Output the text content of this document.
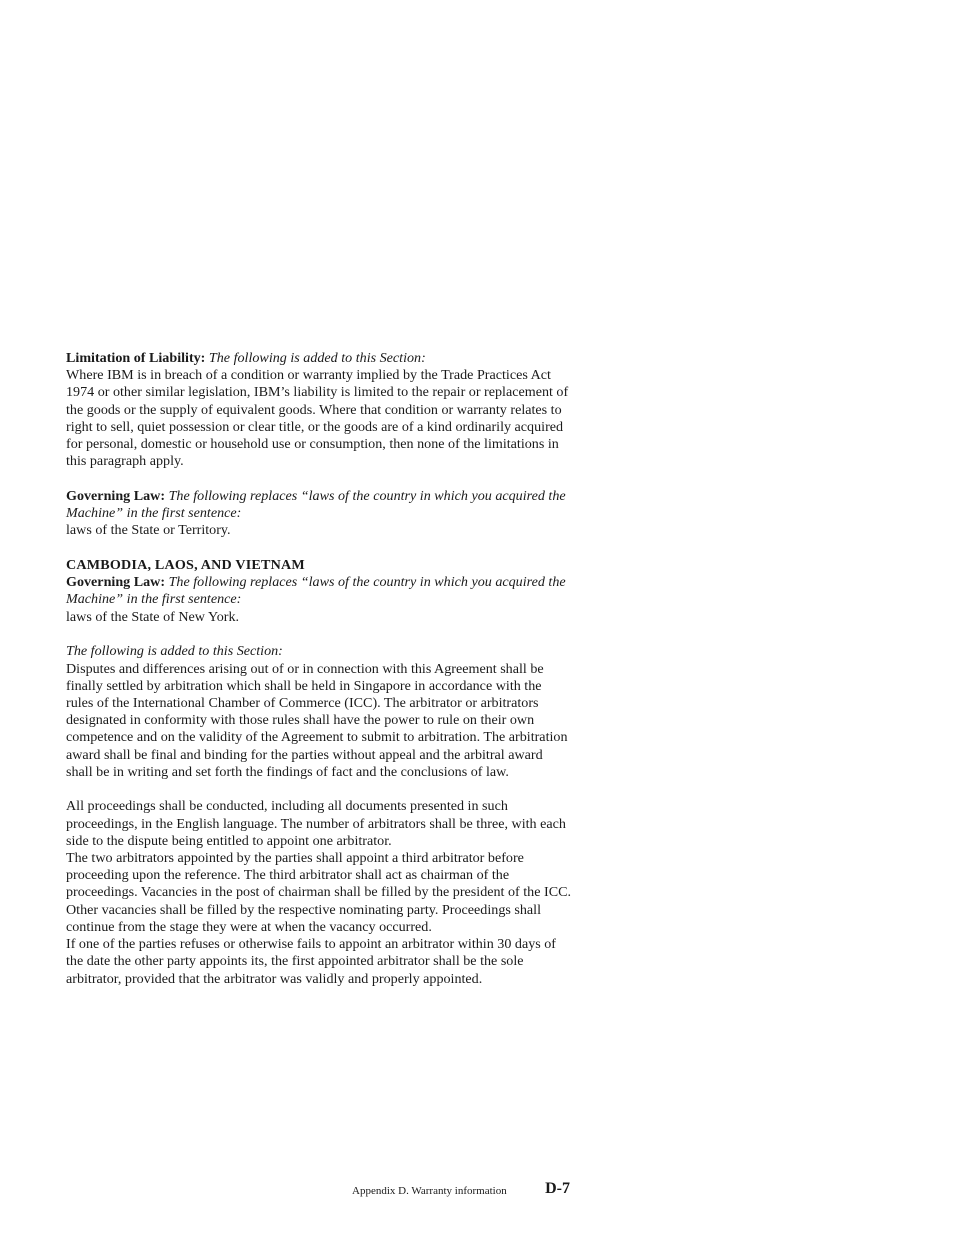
Limitation of Liability: The following is added to this Section:

Where IBM is in breach of a condition or warranty implied by the Trade Practices Act 1974 or other similar legislation, IBM’s liability is limited to the repair or replacement of the goods or the supply of equivalent goods. Where that condition or warranty relates to right to sell, quiet possession or clear title, or the goods are of a kind ordinarily acquired for personal, domestic or household use or consumption, then none of the limitations in this paragraph apply.

Governing Law: The following replaces “laws of the country in which you acquired the Machine” in the first sentence:

laws of the State or Territory.

CAMBODIA, LAOS, AND VIETNAM

Governing Law: The following replaces “laws of the country in which you acquired the Machine” in the first sentence:

laws of the State of New York.

The following is added to this Section:

Disputes and differences arising out of or in connection with this Agreement shall be finally settled by arbitration which shall be held in Singapore in accordance with the rules of the International Chamber of Commerce (ICC). The arbitrator or arbitrators designated in conformity with those rules shall have the power to rule on their own competence and on the validity of the Agreement to submit to arbitration. The arbitration award shall be final and binding for the parties without appeal and the arbitral award shall be in writing and set forth the findings of fact and the conclusions of law.

All proceedings shall be conducted, including all documents presented in such proceedings, in the English language. The number of arbitrators shall be three, with each side to the dispute being entitled to appoint one arbitrator.

The two arbitrators appointed by the parties shall appoint a third arbitrator before proceeding upon the reference. The third arbitrator shall act as chairman of the proceedings. Vacancies in the post of chairman shall be filled by the president of the ICC. Other vacancies shall be filled by the respective nominating party. Proceedings shall continue from the stage they were at when the vacancy occurred.

If one of the parties refuses or otherwise fails to appoint an arbitrator within 30 days of the date the other party appoints its, the first appointed arbitrator shall be the sole arbitrator, provided that the arbitrator was validly and properly appointed.

Appendix D. Warranty information D-7
